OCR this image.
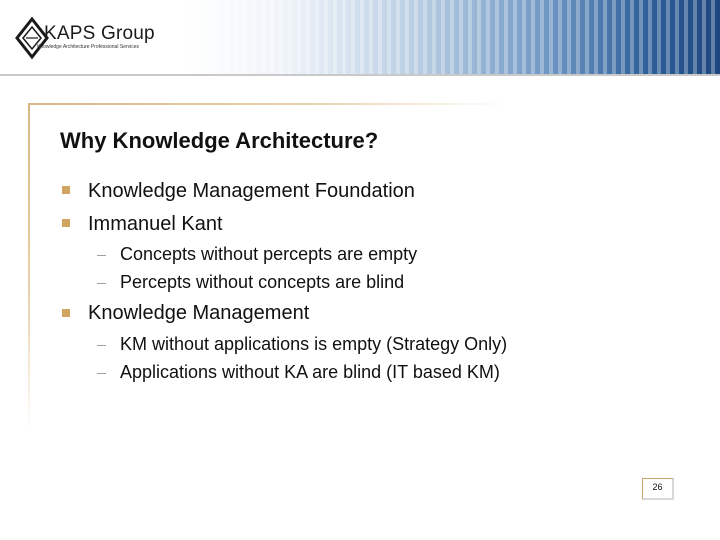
KAPS Group
Knowledge Architecture Professional Services
Why Knowledge Architecture?
Knowledge Management Foundation
Immanuel Kant
Concepts without percepts are empty
Percepts without concepts are blind
Knowledge Management
KM without applications is empty (Strategy Only)
Applications without KA are blind (IT based KM)
26
